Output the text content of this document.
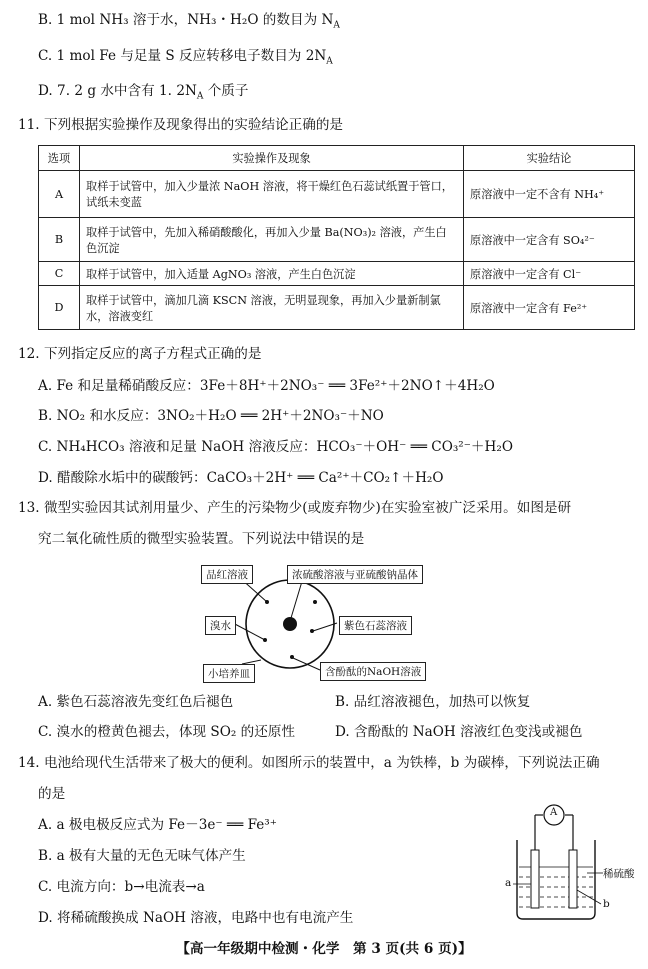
B. 1 mol NH₃ 溶于水，NH₃・H₂O 的数目为 $N_A$
C. 1 mol Fe 与足量 S 反应转移电子数目为 $2N_A$
D. 7. 2 g 水中含有 1. $2N_A$ 个质子
11. 下列根据实验操作及现象得出的实验结论正确的是
选项	实验操作及现象	实验结论
A	取样于试管中，加入少量浓 NaOH 溶液，将干燥红色石蕊试纸置于管口，试纸未变蓝	原溶液中一定不含有 NH₄⁺
B	取样于试管中，先加入稀硝酸酸化，再加入少量 Ba(NO₃)₂ 溶液，产生白色沉淀	原溶液中一定含有 SO₄²⁻
C	取样于试管中，加入适量 AgNO₃ 溶液，产生白色沉淀	原溶液中一定含有 Cl⁻
D	取样于试管中，滴加几滴 KSCN 溶液，无明显现象，再加入少量新制氯水，溶液变红	原溶液中一定含有 Fe²⁺
12. 下列指定反应的离子方程式正确的是
A. Fe 和足量稀硝酸反应：3Fe＋8H⁺＋2NO₃⁻ ══ 3Fe²⁺＋2NO↑＋4H₂O
B. NO₂ 和水反应：3NO₂＋H₂O ══ 2H⁺＋2NO₃⁻＋NO
C. NH₄HCO₃ 溶液和足量 NaOH 溶液反应：HCO₃⁻＋OH⁻ ══ CO₃²⁻＋H₂O
D. 醋酸除水垢中的碳酸钙：CaCO₃＋2H⁺ ══ Ca²⁺＋CO₂↑＋H₂O
13. 微型实验因其试剂用量少、产生的污染物少(或废弃物少)在实验室被广泛采用。如图是研
究二氧化硫性质的微型实验装置。下列说法中错误的是
品红溶液	浓硫酸溶液与亚硫酸钠晶体
溴水	紫色石蕊溶液
小培养皿	含酚酞的NaOH溶液
A. 紫色石蕊溶液先变红色后褪色	B. 品红溶液褪色，加热可以恢复
C. 溴水的橙黄色褪去，体现 SO₂ 的还原性	D. 含酚酞的 NaOH 溶液红色变浅或褪色
14. 电池给现代生活带来了极大的便利。如图所示的装置中，a 为铁棒，b 为碳棒，下列说法正确
的是
A. a 极电极反应式为 Fe－3e⁻ ══ Fe³⁺
B. a 极有大量的无色无味气体产生
C. 电流方向：b→电流表→a
D. 将稀硫酸换成 NaOH 溶液，电路中也有电流产生
A
稀硫酸
a
b
【高一年级期中检测・化学　第 3 页(共 6 页)】
